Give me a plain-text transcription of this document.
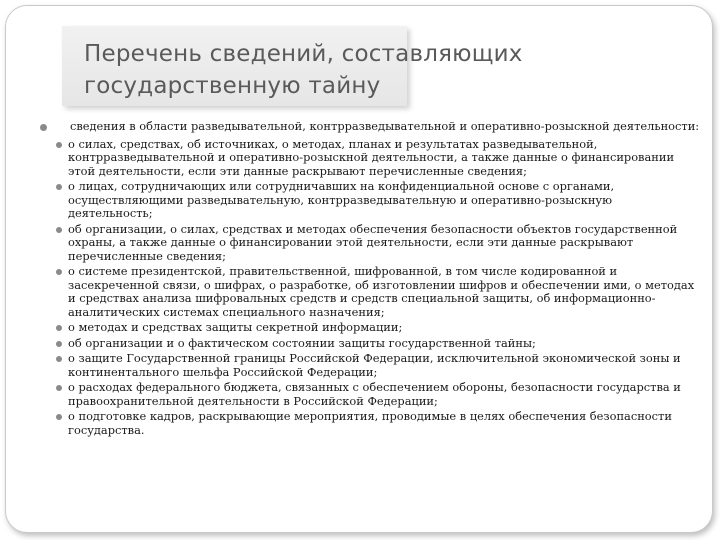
Перечень сведений, составляющих
государственную тайну
сведения в области разведывательной, контрразведывательной и оперативно-розыскной деятельности:
о силах, средствах, об источниках, о методах, планах и результатах разведывательной, контрразведывательной и оперативно-розыскной деятельности, а также данные о финансировании этой деятельности, если эти данные раскрывают перечисленные сведения;
о лицах, сотрудничающих или сотрудничавших на конфиденциальной основе с органами, осуществляющими разведывательную, контрразведывательную и оперативно-розыскную деятельность;
об организации, о силах, средствах и методах обеспечения безопасности объектов государственной охраны, а также данные о финансировании этой деятельности, если эти данные раскрывают перечисленные сведения;
о системе президентской, правительственной, шифрованной, в том числе кодированной и засекреченной связи, о шифрах, о разработке, об изготовлении шифров и обеспечении ими, о методах и средствах анализа шифровальных средств и средств специальной защиты, об информационно-аналитических системах специального назначения;
о методах и средствах защиты секретной информации;
об организации и о фактическом состоянии защиты государственной тайны;
о защите Государственной границы Российской Федерации, исключительной экономической зоны и континентального шельфа Российской Федерации;
о расходах федерального бюджета, связанных с обеспечением обороны, безопасности государства и правоохранительной деятельности в Российской Федерации;
о подготовке кадров, раскрывающие мероприятия, проводимые в целях обеспечения безопасности государства.
